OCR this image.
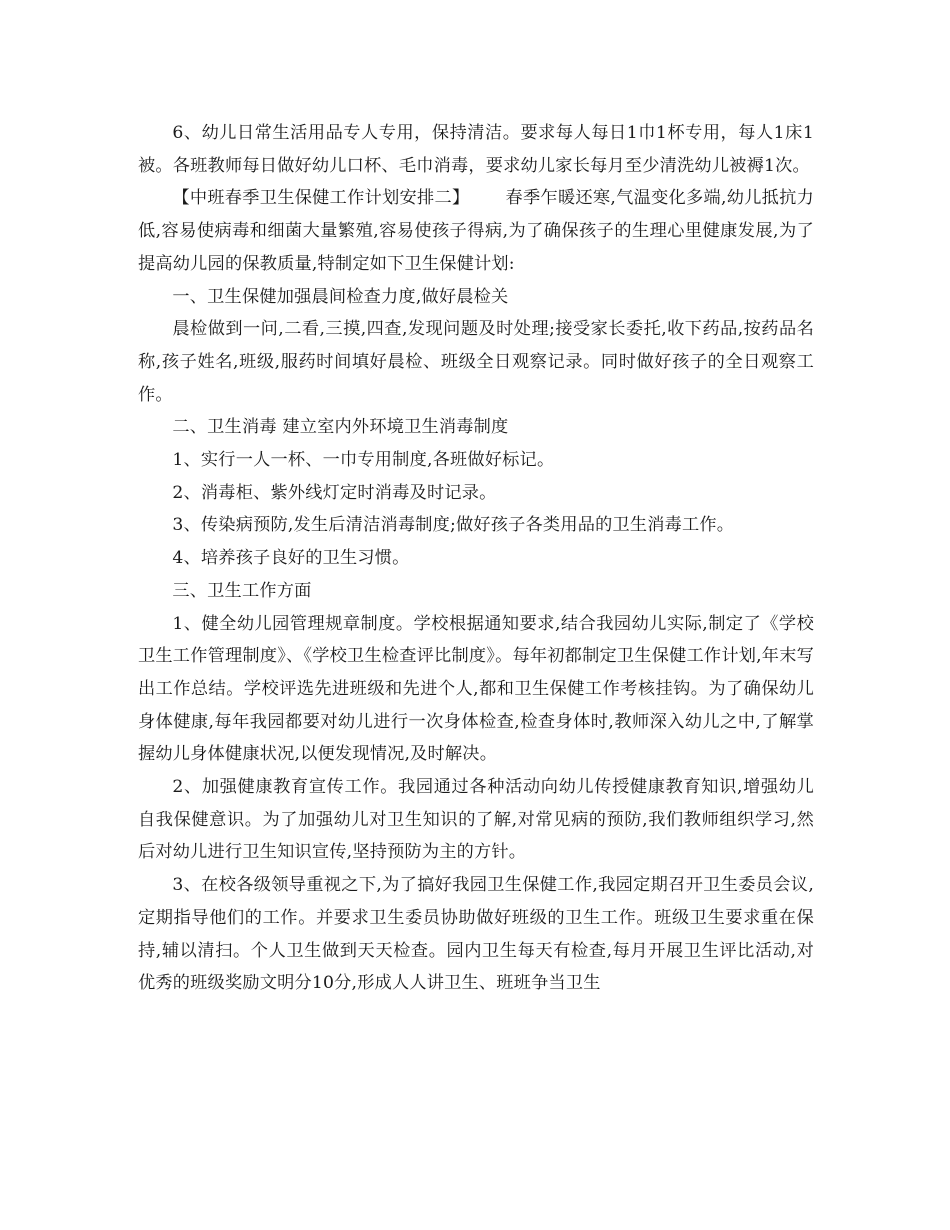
6、幼儿日常生活用品专人专用，保持清洁。要求每人每日1巾1杯专用，每人1床1被。各班教师每日做好幼儿口杯、毛巾消毒，要求幼儿家长每月至少清洗幼儿被褥1次。

【中班春季卫生保健工作计划安排二】 春季乍暖还寒,气温变化多端,幼儿抵抗力低,容易使病毒和细菌大量繁殖,容易使孩子得病,为了确保孩子的生理心里健康发展,为了提高幼儿园的保教质量,特制定如下卫生保健计划:

一、卫生保健加强晨间检查力度,做好晨检关

晨检做到一问,二看,三摸,四查,发现问题及时处理;接受家长委托,收下药品,按药品名称,孩子姓名,班级,服药时间填好晨检、班级全日观察记录。同时做好孩子的全日观察工作。

二、卫生消毒 建立室内外环境卫生消毒制度

1、实行一人一杯、一巾专用制度,各班做好标记。

2、消毒柜、紫外线灯定时消毒及时记录。

3、传染病预防,发生后清洁消毒制度;做好孩子各类用品的卫生消毒工作。

4、培养孩子良好的卫生习惯。

三、卫生工作方面

1、健全幼儿园管理规章制度。学校根据通知要求,结合我园幼儿实际,制定了《学校卫生工作管理制度》、《学校卫生检查评比制度》。每年初都制定卫生保健工作计划,年末写出工作总结。学校评选先进班级和先进个人,都和卫生保健工作考核挂钩。为了确保幼儿身体健康,每年我园都要对幼儿进行一次身体检查,检查身体时,教师深入幼儿之中,了解掌握幼儿身体健康状况,以便发现情况,及时解决。

2、加强健康教育宣传工作。我园通过各种活动向幼儿传授健康教育知识,增强幼儿自我保健意识。为了加强幼儿对卫生知识的了解,对常见病的预防,我们教师组织学习,然后对幼儿进行卫生知识宣传,坚持预防为主的方针。

3、在校各级领导重视之下,为了搞好我园卫生保健工作,我园定期召开卫生委员会议,定期指导他们的工作。并要求卫生委员协助做好班级的卫生工作。班级卫生要求重在保持,辅以清扫。个人卫生做到天天检查。园内卫生每天有检查,每月开展卫生评比活动,对优秀的班级奖励文明分10分,形成人人讲卫生、班班争当卫生
